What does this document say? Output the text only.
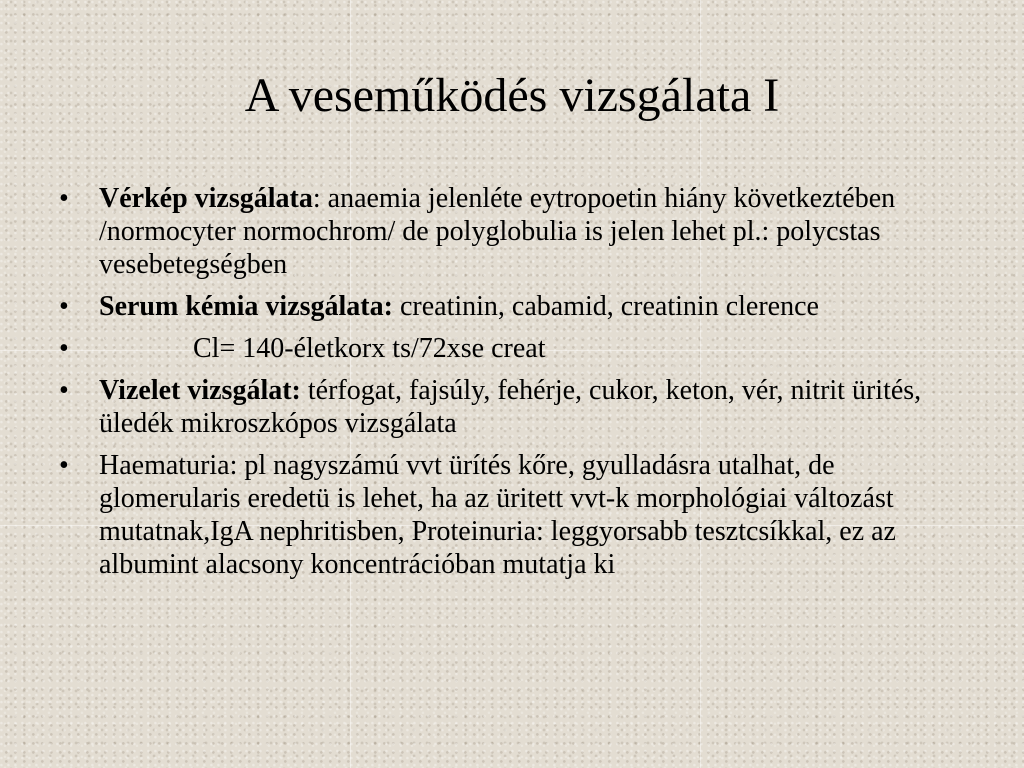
A veseműködés vizsgálata I
• Vérkép vizsgálata: anaemia jelenléte eytropoetin hiány következtében /normocyter normochrom/ de polyglobulia is jelen lehet pl.: polycstas vesebetegségben
• Serum kémia vizsgálata: creatinin, cabamid, creatinin clerence
•	Cl= 140-életkorx ts/72xse creat
• Vizelet vizsgálat: térfogat, fajsúly, fehérje, cukor, keton, vér, nitrit ürités, üledék mikroszkópos vizsgálata
• Haematuria: pl nagyszámú vvt ürítés kőre, gyulladásra utalhat, de glomerularis eredetü is lehet, ha az üritett vvt-k morphológiai változást mutatnak,IgA nephritisben, Proteinuria: leggyorsabb tesztcsíkkal, ez az albumint alacsony koncentrációban mutatja ki
